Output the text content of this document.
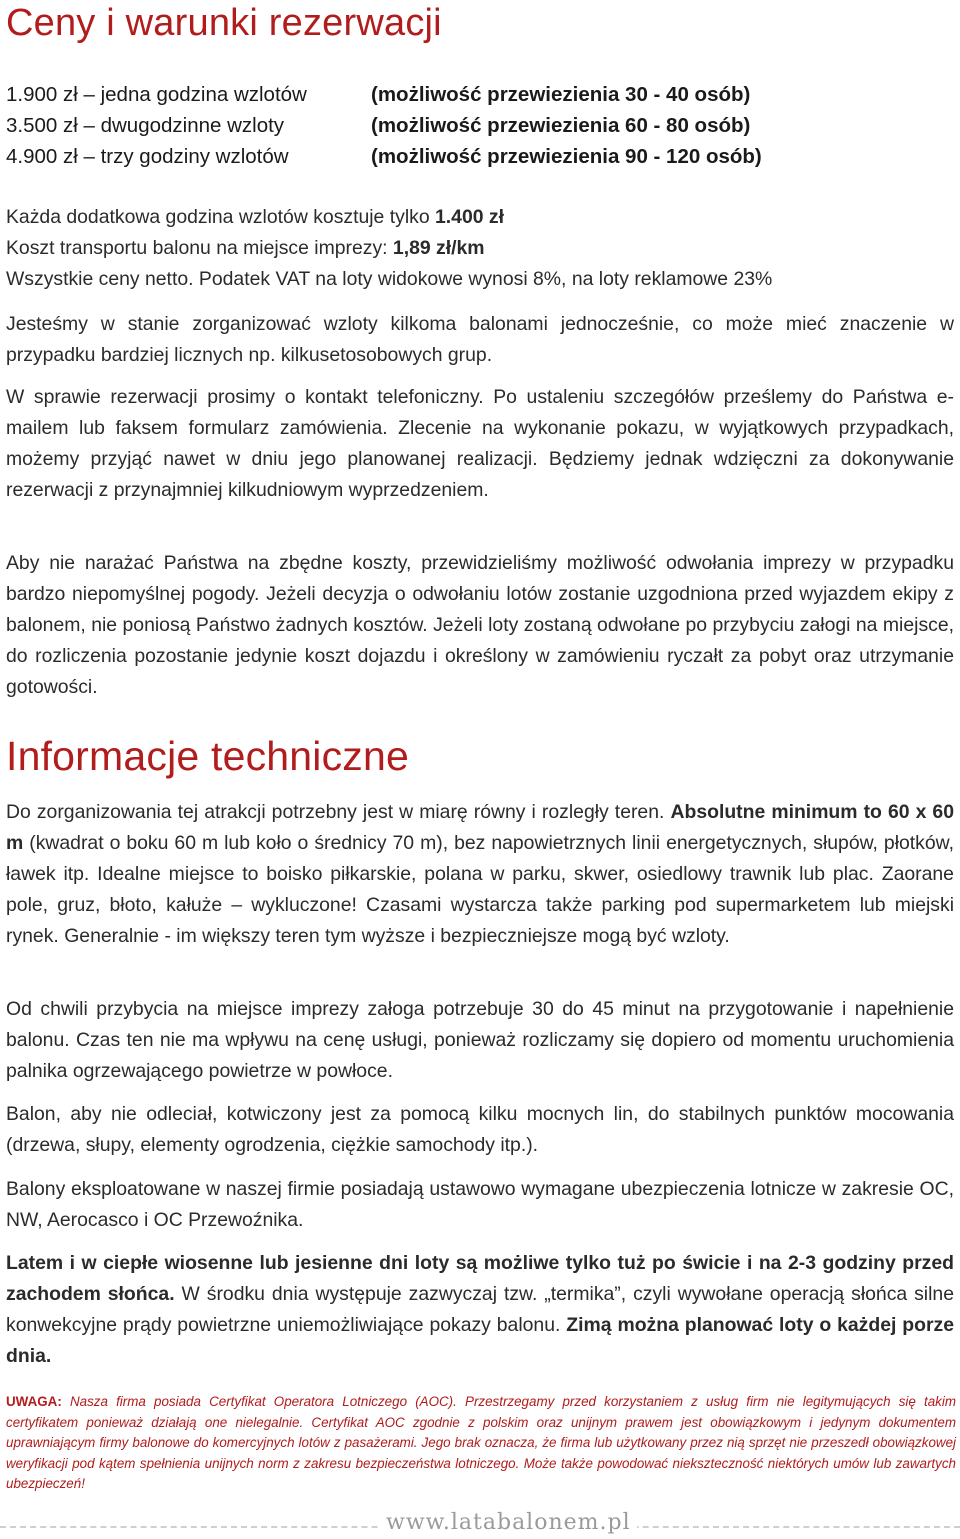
Ceny i warunki rezerwacji
1.900 zł – jedna godzina wzlotów	(możliwość przewiezienia 30 - 40 osób)
3.500 zł – dwugodzinne wzloty	(możliwość przewiezienia 60 - 80 osób)
4.900 zł – trzy godziny wzlotów	(możliwość przewiezienia 90 - 120 osób)
Każda dodatkowa godzina wzlotów kosztuje tylko 1.400 zł
Koszt transportu balonu na miejsce imprezy: 1,89 zł/km
Wszystkie ceny netto. Podatek VAT na loty widokowe wynosi 8%, na loty reklamowe 23%

Jesteśmy w stanie zorganizować wzloty kilkoma balonami jednocześnie, co może mieć znaczenie w przypadku bardziej licznych np. kilkusetosobowych grup.

W sprawie rezerwacji prosimy o kontakt telefoniczny. Po ustaleniu szczegółów prześlemy do Państwa e-mailem lub faksem formularz zamówienia. Zlecenie na wykonanie pokazu, w wyjątkowych przypadkach, możemy przyjąć nawet w dniu jego planowanej realizacji. Będziemy jednak wdzięczni za dokonywanie rezerwacji z przynajmniej kilkudniowym wyprzedzeniem.

Aby nie narażać Państwa na zbędne koszty, przewidzieliśmy możliwość odwołania imprezy w przypadku bardzo niepomyślnej pogody. Jeżeli decyzja o odwołaniu lotów zostanie uzgodniona przed wyjazdem ekipy z balonem, nie poniosą Państwo żadnych kosztów. Jeżeli loty zostaną odwołane po przybyciu załogi na miejsce, do rozliczenia pozostanie jedynie koszt dojazdu i określony w zamówieniu ryczałt za pobyt oraz utrzymanie gotowości.

Informacje techniczne

Do zorganizowania tej atrakcji potrzebny jest w miarę równy i rozległy teren. Absolutne minimum to 60 x 60 m (kwadrat o boku 60 m lub koło o średnicy 70 m), bez napowietrznych linii energetycznych, słupów, płotków, ławek itp. Idealne miejsce to boisko piłkarskie, polana w parku, skwer, osiedlowy trawnik lub plac. Zaorane pole, gruz, błoto, kałuże – wykluczone! Czasami wystarcza także parking pod supermarketem lub miejski rynek. Generalnie - im większy teren tym wyższe i bezpieczniejsze mogą być wzloty.

Od chwili przybycia na miejsce imprezy załoga potrzebuje 30 do 45 minut na przygotowanie i napełnienie balonu. Czas ten nie ma wpływu na cenę usługi, ponieważ rozliczamy się dopiero od momentu uruchomienia palnika ogrzewającego powietrze w powłoce.

Balon, aby nie odleciał, kotwiczony jest za pomocą kilku mocnych lin, do stabilnych punktów mocowania (drzewa, słupy, elementy ogrodzenia, ciężkie samochody itp.).

Balony eksploatowane w naszej firmie posiadają ustawowo wymagane ubezpieczenia lotnicze w zakresie OC, NW, Aerocasco i OC Przewoźnika.

Latem i w ciepłe wiosenne lub jesienne dni loty są możliwe tylko tuż po świcie i na 2-3 godziny przed zachodem słońca. W środku dnia występuje zazwyczaj tzw. „termika”, czyli wywołane operacją słońca silne konwekcyjne prądy powietrzne uniemożliwiające pokazy balonu. Zimą można planować loty o każdej porze dnia.

UWAGA: Nasza firma posiada Certyfikat Operatora Lotniczego (AOC). Przestrzegamy przed korzystaniem z usług firm nie legitymujących się takim certyfikatem ponieważ działają one nielegalnie. Certyfikat AOC zgodnie z polskim oraz unijnym prawem jest obowiązkowym i jedynym dokumentem uprawniającym firmy balonowe do komercyjnych lotów z pasażerami. Jego brak oznacza, że firma lub użytkowany przez nią sprzęt nie przeszedł obowiązkowej weryfikacji pod kątem spełnienia unijnych norm z zakresu bezpieczeństwa lotniczego. Może także powodować niekszteczność niektórych umów lub zawartych ubezpieczeń!

www.latabalonem.pl
